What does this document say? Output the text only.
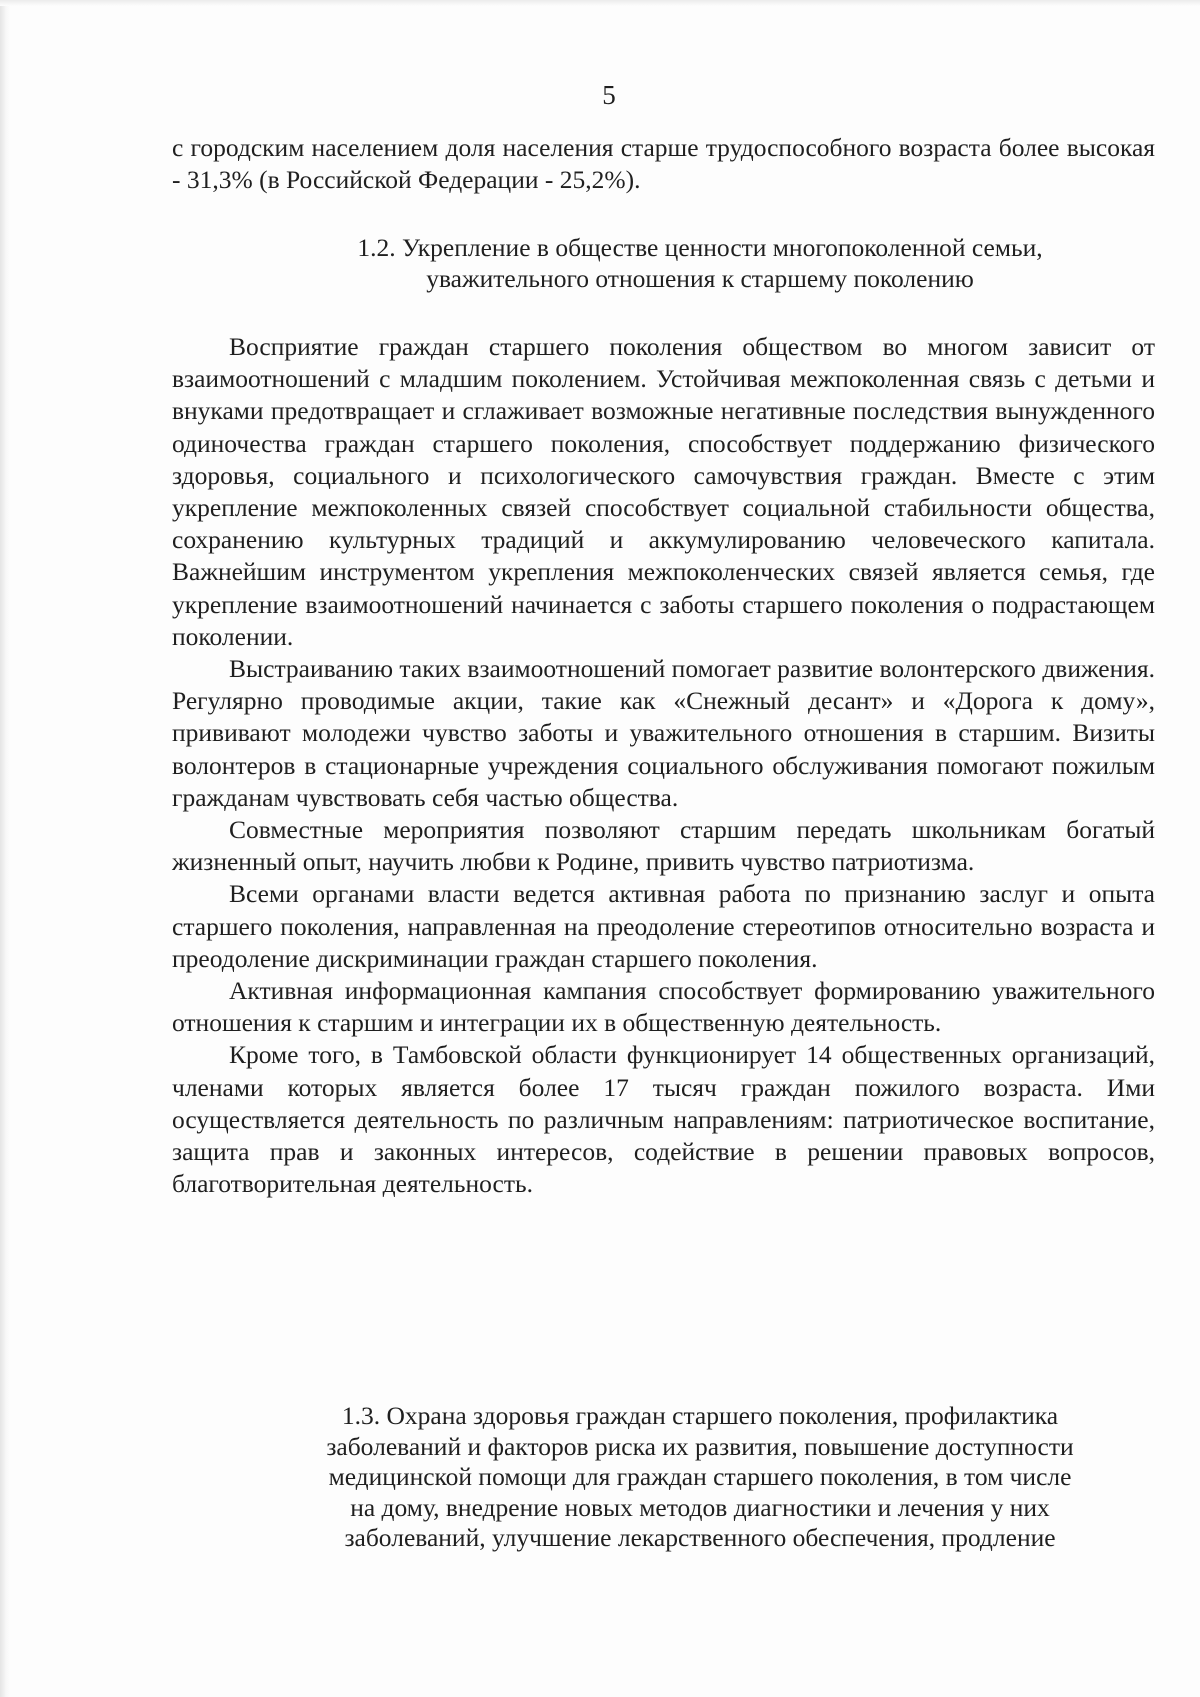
5

с городским населением доля населения старше трудоспособного возраста более высокая - 31,3% (в Российской Федерации - 25,2%).

1.2. Укрепление в обществе ценности многопоколенной семьи,

уважительного отношения к старшему поколению

Восприятие граждан старшего поколения обществом во многом зависит от взаимоотношений с младшим поколением. Устойчивая межпоколенная связь с детьми и внуками предотвращает и сглаживает возможные негативные последствия вынужденного одиночества граждан старшего поколения, способствует поддержанию физического здоровья, социального и психологического самочувствия граждан. Вместе с этим укрепление межпоколенных связей способствует социальной стабильности общества, сохранению культурных традиций и аккумулированию человеческого капитала. Важнейшим инструментом укрепления межпоколенческих связей является семья, где укрепление взаимоотношений начинается с заботы старшего поколения о подрастающем поколении.

Выстраиванию таких взаимоотношений помогает развитие волонтерского движения. Регулярно проводимые акции, такие как «Снежный десант» и «Дорога к дому», прививают молодежи чувство заботы и уважительного отношения в старшим. Визиты волонтеров в стационарные учреждения социального обслуживания помогают пожилым гражданам чувствовать себя частью общества.

Совместные мероприятия позволяют старшим передать школьникам богатый жизненный опыт, научить любви к Родине, привить чувство патриотизма.

Всеми органами власти ведется активная работа по признанию заслуг и опыта старшего поколения, направленная на преодоление стереотипов относительно возраста и преодоление дискриминации граждан старшего поколения.

Активная информационная кампания способствует формированию уважительного отношения к старшим и интеграции их в общественную деятельность.

Кроме того, в Тамбовской области функционирует 14 общественных организаций, членами которых является более 17 тысяч граждан пожилого возраста. Ими осуществляется деятельность по различным направлениям: патриотическое воспитание, защита прав и законных интересов, содействие в решении правовых вопросов, благотворительная деятельность.

1.3. Охрана здоровья граждан старшего поколения, профилактика

заболеваний и факторов риска их развития, повышение доступности

медицинской помощи для граждан старшего поколения, в том числе

на дому, внедрение новых методов диагностики и лечения у них

заболеваний, улучшение лекарственного обеспечения, продление
